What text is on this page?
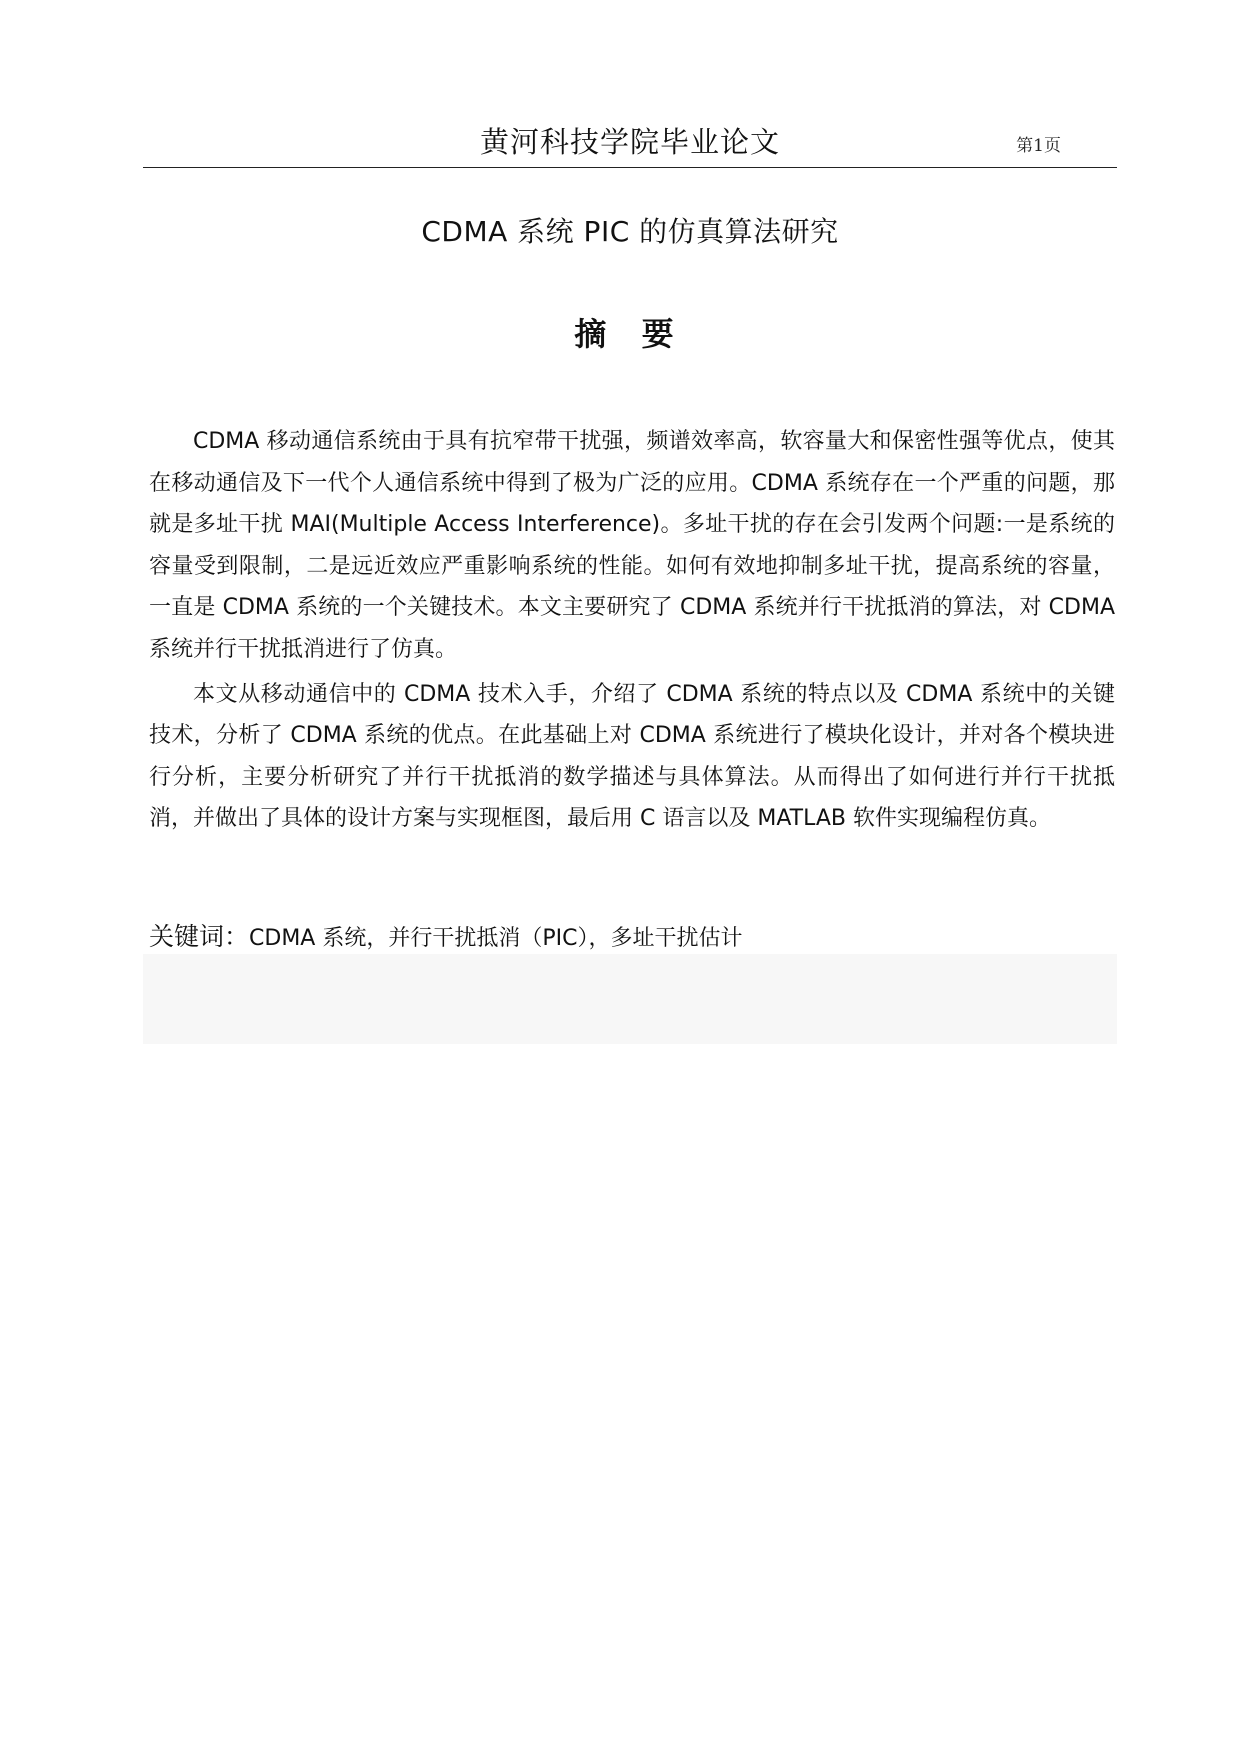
黄河科技学院毕业论文	第1页
CDMA 系统 PIC 的仿真算法研究
摘 要

CDMA 移动通信系统由于具有抗窄带干扰强，频谱效率高，软容量大和保密性强等优点，使其在移动通信及下一代个人通信系统中得到了极为广泛的应用。CDMA 系统存在一个严重的问题，那就是多址干扰 MAI(Multiple Access Interference)。多址干扰的存在会引发两个问题:一是系统的容量受到限制，二是远近效应严重影响系统的性能。如何有效地抑制多址干扰，提高系统的容量，一直是 CDMA 系统的一个关键技术。本文主要研究了 CDMA 系统并行干扰抵消的算法，对 CDMA 系统并行干扰抵消进行了仿真。

本文从移动通信中的 CDMA 技术入手，介绍了 CDMA 系统的特点以及 CDMA 系统中的关键技术，分析了 CDMA 系统的优点。在此基础上对 CDMA 系统进行了模块化设计，并对各个模块进行分析，主要分析研究了并行干扰抵消的数学描述与具体算法。从而得出了如何进行并行干扰抵消，并做出了具体的设计方案与实现框图，最后用 C 语言以及 MATLAB 软件实现编程仿真。

关键词：CDMA 系统，并行干扰抵消（PIC），多址干扰估计
